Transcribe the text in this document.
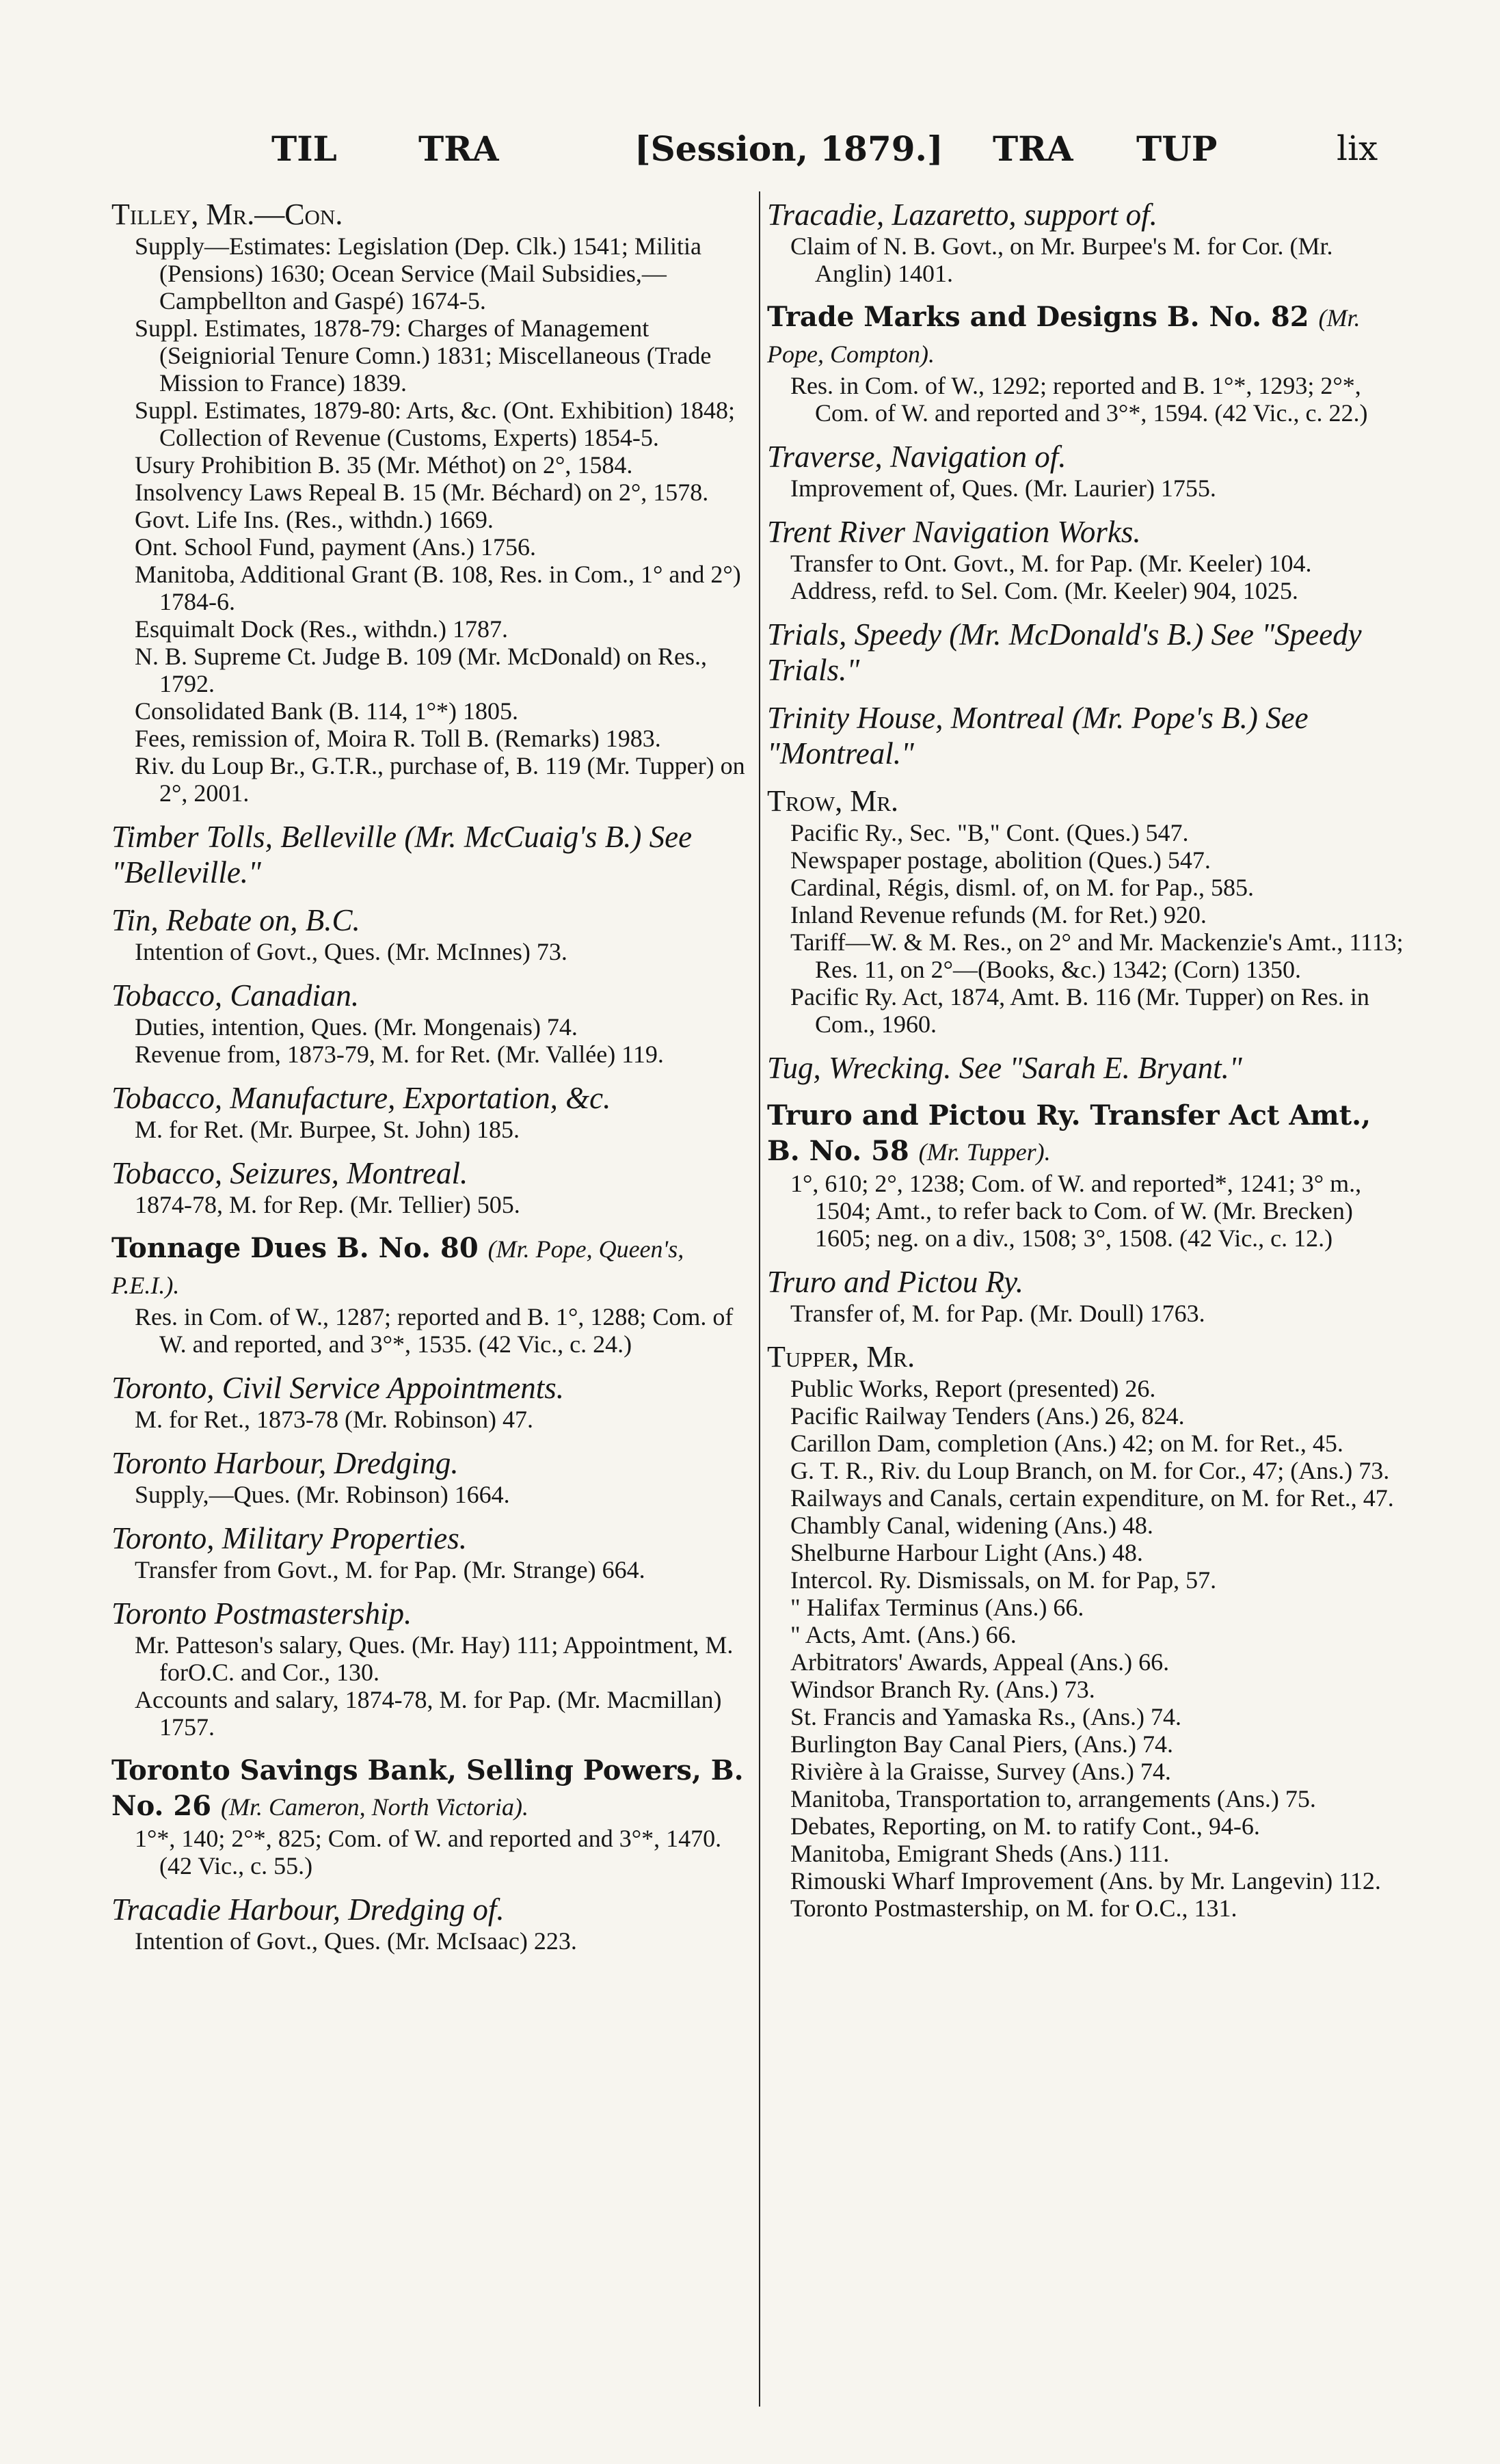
TIL TRA	[Session, 1879.] TRA TUP	lix
Tilley, Mr.—Con.
Supply—Estimates: Legislation (Dep. Clk.) 1541; Militia (Pensions) 1630; Ocean Service (Mail Subsidies,—Campbellton and Gaspé) 1674-5.
Suppl. Estimates, 1878-79: Charges of Management (Seigniorial Tenure Comn.) 1831; Miscellaneous (Trade Mission to France) 1839.
Suppl. Estimates, 1879-80: Arts, &c. (Ont. Exhibition) 1848; Collection of Revenue (Customs, Experts) 1854-5.
Usury Prohibition B. 35 (Mr. Méthot) on 2°, 1584.
Insolvency Laws Repeal B. 15 (Mr. Béchard) on 2°, 1578.
Govt. Life Ins. (Res., withdn.) 1669.
Ont. School Fund, payment (Ans.) 1756.
Manitoba, Additional Grant (B. 108, Res. in Com., 1° and 2°) 1784-6.
Esquimalt Dock (Res., withdn.) 1787.
N. B. Supreme Ct. Judge B. 109 (Mr. McDonald) on Res., 1792.
Consolidated Bank (B. 114, 1°*) 1805.
Fees, remission of, Moira R. Toll B. (Remarks) 1983.
Riv. du Loup Br., G.T.R., purchase of, B. 119 (Mr. Tupper) on 2°, 2001.
Timber Tolls, Belleville (Mr. McCuaig's B.) See "Belleville."
Tin, Rebate on, B.C.
Intention of Govt., Ques. (Mr. McInnes) 73.
Tobacco, Canadian.
Duties, intention, Ques. (Mr. Mongenais) 74.
Revenue from, 1873-79, M. for Ret. (Mr. Vallée) 119.
Tobacco, Manufacture, Exportation, &c.
M. for Ret. (Mr. Burpee, St. John) 185.
Tobacco, Seizures, Montreal.
1874-78, M. for Rep. (Mr. Tellier) 505.
Tonnage Dues B. No. 80 (Mr. Pope, Queen's, P.E.I.).
Res. in Com. of W., 1287; reported and B. 1°, 1288; Com. of W. and reported, and 3°*, 1535. (42 Vic., c. 24.)
Toronto, Civil Service Appointments.
M. for Ret., 1873-78 (Mr. Robinson) 47.
Toronto Harbour, Dredging.
Supply,—Ques. (Mr. Robinson) 1664.
Toronto, Military Properties.
Transfer from Govt., M. for Pap. (Mr. Strange) 664.
Toronto Postmastership.
Mr. Patteson's salary, Ques. (Mr. Hay) 111; Appointment, M. forO.C. and Cor., 130.
Accounts and salary, 1874-78, M. for Pap. (Mr. Macmillan) 1757.
Toronto Savings Bank, Selling Powers, B. No. 26 (Mr. Cameron, North Victoria).
1°*, 140; 2°*, 825; Com. of W. and reported and 3°*, 1470. (42 Vic., c. 55.)
Tracadie Harbour, Dredging of.
Intention of Govt., Ques. (Mr. McIsaac) 223.
Tracadie, Lazaretto, support of.
Claim of N. B. Govt., on Mr. Burpee's M. for Cor. (Mr. Anglin) 1401.
Trade Marks and Designs B. No. 82 (Mr. Pope, Compton).
Res. in Com. of W., 1292; reported and B. 1°*, 1293; 2°*, Com. of W. and reported and 3°*, 1594. (42 Vic., c. 22.)
Traverse, Navigation of.
Improvement of, Ques. (Mr. Laurier) 1755.
Trent River Navigation Works.
Transfer to Ont. Govt., M. for Pap. (Mr. Keeler) 104.
Address, refd. to Sel. Com. (Mr. Keeler) 904, 1025.
Trials, Speedy (Mr. McDonald's B.) See "Speedy Trials."
Trinity House, Montreal (Mr. Pope's B.) See "Montreal."
Trow, Mr.
Pacific Ry., Sec. "B," Cont. (Ques.) 547.
Newspaper postage, abolition (Ques.) 547.
Cardinal, Régis, disml. of, on M. for Pap., 585.
Inland Revenue refunds (M. for Ret.) 920.
Tariff—W. & M. Res., on 2° and Mr. Mackenzie's Amt., 1113; Res. 11, on 2°—(Books, &c.) 1342; (Corn) 1350.
Pacific Ry. Act, 1874, Amt. B. 116 (Mr. Tupper) on Res. in Com., 1960.
Tug, Wrecking. See "Sarah E. Bryant."
Truro and Pictou Ry. Transfer Act Amt., B. No. 58 (Mr. Tupper).
1°, 610; 2°, 1238; Com. of W. and reported*, 1241; 3° m., 1504; Amt., to refer back to Com. of W. (Mr. Brecken) 1605; neg. on a div., 1508; 3°, 1508. (42 Vic., c. 12.)
Truro and Pictou Ry.
Transfer of, M. for Pap. (Mr. Doull) 1763.
Tupper, Mr.
Public Works, Report (presented) 26.
Pacific Railway Tenders (Ans.) 26, 824.
Carillon Dam, completion (Ans.) 42; on M. for Ret., 45.
G. T. R., Riv. du Loup Branch, on M. for Cor., 47; (Ans.) 73.
Railways and Canals, certain expenditure, on M. for Ret., 47.
Chambly Canal, widening (Ans.) 48.
Shelburne Harbour Light (Ans.) 48.
Intercol. Ry. Dismissals, on M. for Pap, 57.
" Halifax Terminus (Ans.) 66.
" Acts, Amt. (Ans.) 66.
Arbitrators' Awards, Appeal (Ans.) 66.
Windsor Branch Ry. (Ans.) 73.
St. Francis and Yamaska Rs., (Ans.) 74.
Burlington Bay Canal Piers, (Ans.) 74.
Rivière à la Graisse, Survey (Ans.) 74.
Manitoba, Transportation to, arrangements (Ans.) 75.
Debates, Reporting, on M. to ratify Cont., 94-6.
Manitoba, Emigrant Sheds (Ans.) 111.
Rimouski Wharf Improvement (Ans. by Mr. Langevin) 112.
Toronto Postmastership, on M. for O.C., 131.
